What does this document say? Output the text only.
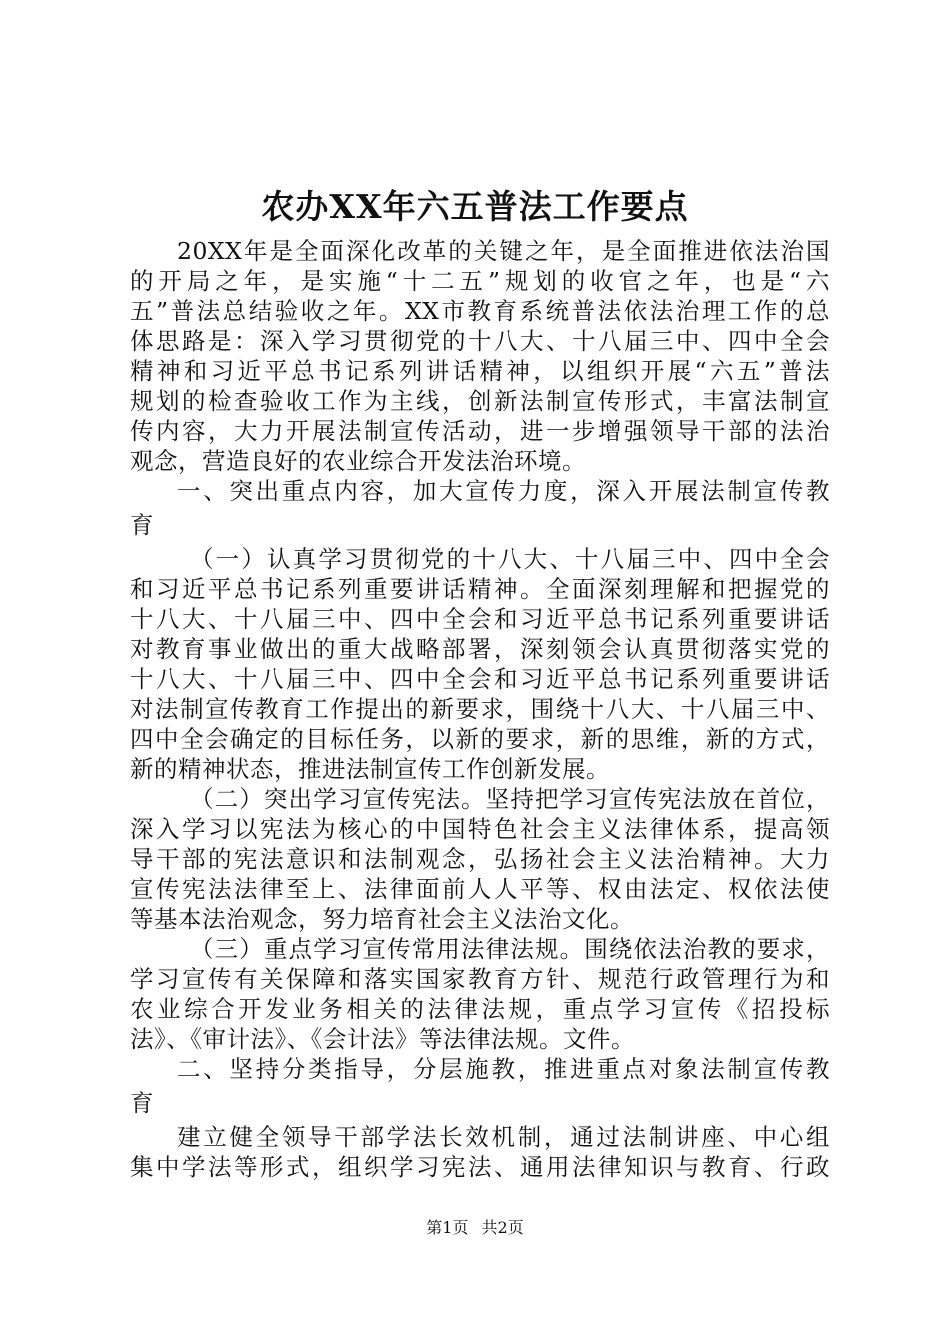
农办XX年六五普法工作要点
20XX年是全面深化改革的关键之年，是全面推进依法治国
的开局之年，是实施“十二五”规划的收官之年，也是“六
五”普法总结验收之年。XX市教育系统普法依法治理工作的总
体思路是：深入学习贯彻党的十八大、十八届三中、四中全会
精神和习近平总书记系列讲话精神，以组织开展“六五”普法
规划的检查验收工作为主线，创新法制宣传形式，丰富法制宣
传内容，大力开展法制宣传活动，进一步增强领导干部的法治
观念，营造良好的农业综合开发法治环境。
一、突出重点内容，加大宣传力度，深入开展法制宣传教
育
（一）认真学习贯彻党的十八大、十八届三中、四中全会
和习近平总书记系列重要讲话精神。全面深刻理解和把握党的
十八大、十八届三中、四中全会和习近平总书记系列重要讲话
对教育事业做出的重大战略部署，深刻领会认真贯彻落实党的
十八大、十八届三中、四中全会和习近平总书记系列重要讲话
对法制宣传教育工作提出的新要求，围绕十八大、十八届三中、
四中全会确定的目标任务，以新的要求，新的思维，新的方式，
新的精神状态，推进法制宣传工作创新发展。
（二）突出学习宣传宪法。坚持把学习宣传宪法放在首位，
深入学习以宪法为核心的中国特色社会主义法律体系，提高领
导干部的宪法意识和法制观念，弘扬社会主义法治精神。大力
宣传宪法法律至上、法律面前人人平等、权由法定、权依法使
等基本法治观念，努力培育社会主义法治文化。
（三）重点学习宣传常用法律法规。围绕依法治教的要求，
学习宣传有关保障和落实国家教育方针、规范行政管理行为和
农业综合开发业务相关的法律法规，重点学习宣传《招投标
法》、《审计法》、《会计法》等法律法规。文件。
二、坚持分类指导，分层施教，推进重点对象法制宣传教
育
建立健全领导干部学法长效机制，通过法制讲座、中心组
集中学法等形式，组织学习宪法、通用法律知识与教育、行政
第1页 共2页
